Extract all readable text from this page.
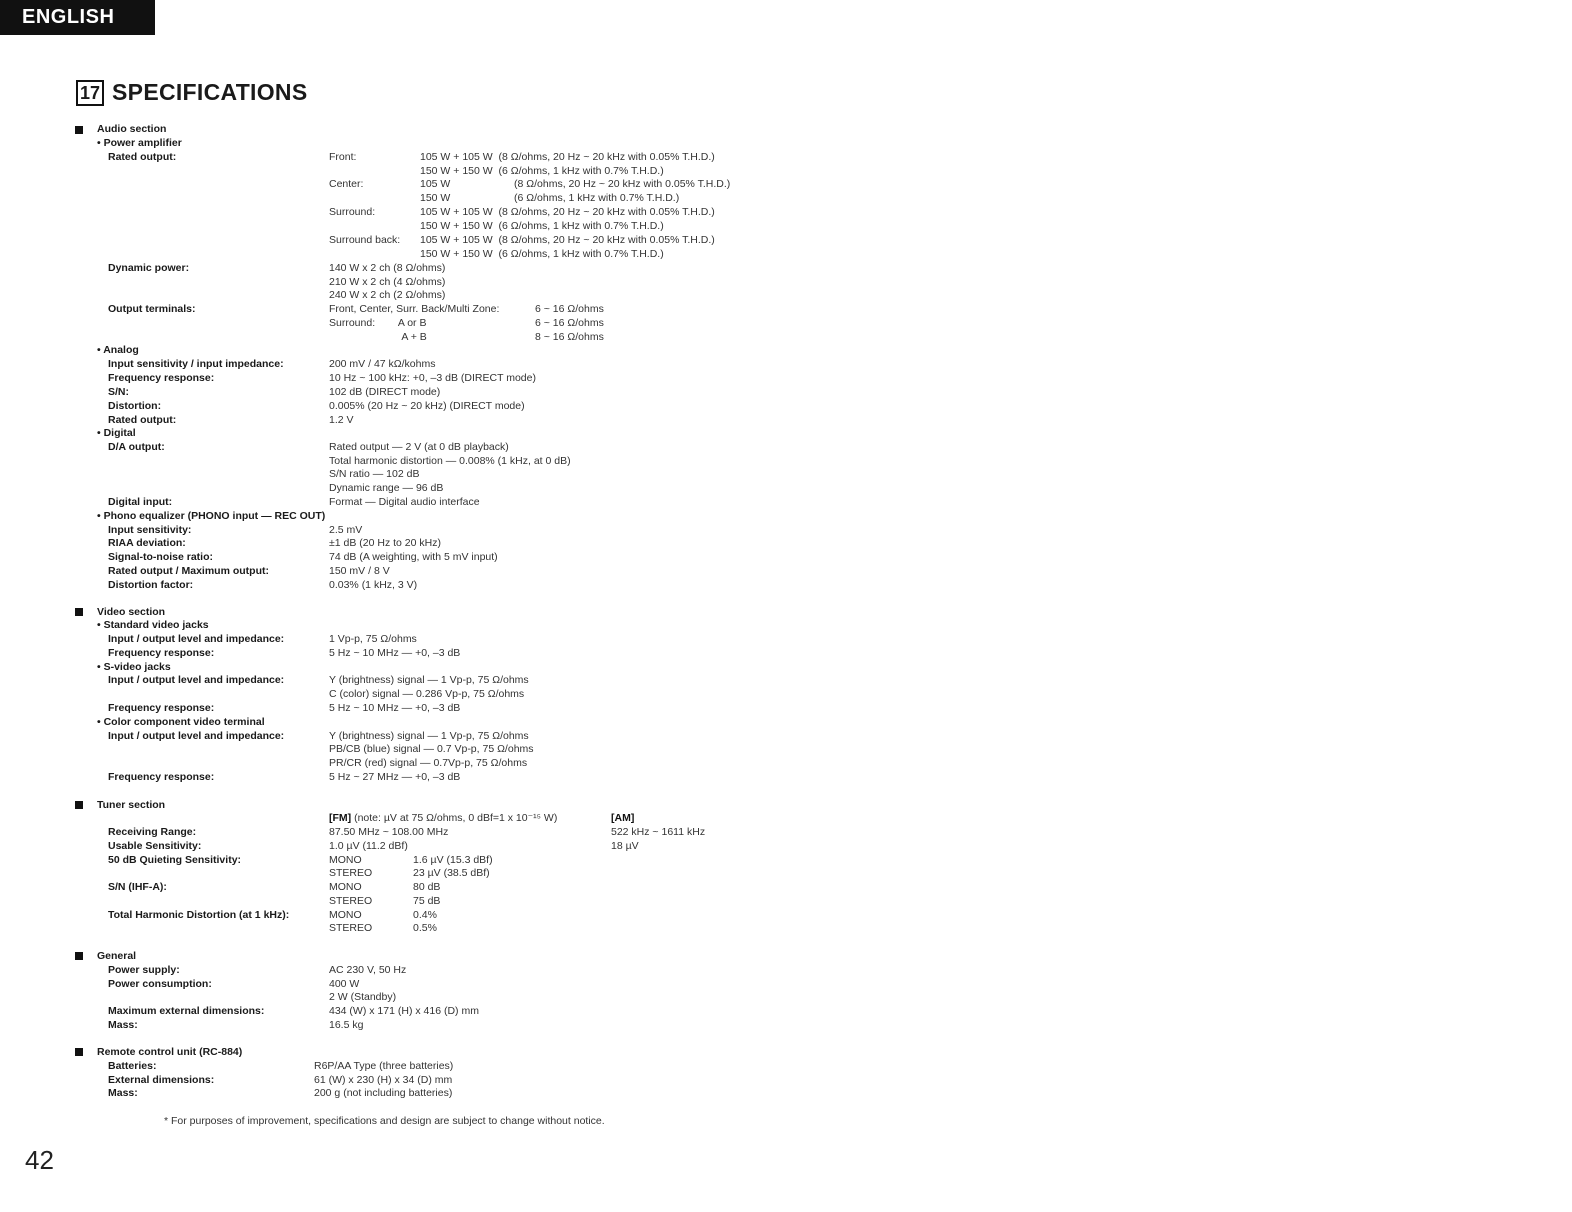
ENGLISH
17 SPECIFICATIONS
Audio section
• Power amplifier
Rated output:	Front:	105 W + 105 W (8 Ω/ohms, 20 Hz ~ 20 kHz with 0.05% T.H.D.)
150 W + 150 W (6 Ω/ohms, 1 kHz with 0.7% T.H.D.)
Center:	105 W	(8 Ω/ohms, 20 Hz ~ 20 kHz with 0.05% T.H.D.)
150 W	(6 Ω/ohms, 1 kHz with 0.7% T.H.D.)
Surround:	105 W + 105 W (8 Ω/ohms, 20 Hz ~ 20 kHz with 0.05% T.H.D.)
150 W + 150 W (6 Ω/ohms, 1 kHz with 0.7% T.H.D.)
Surround back: 105 W + 105 W (8 Ω/ohms, 20 Hz ~ 20 kHz with 0.05% T.H.D.)
150 W + 150 W (6 Ω/ohms, 1 kHz with 0.7% T.H.D.)
Dynamic power:	140 W x 2 ch (8 Ω/ohms)
210 W x 2 ch (4 Ω/ohms)
240 W x 2 ch (2 Ω/ohms)
Output terminals:	Front, Center, Surr. Back/Multi Zone:	6 ~ 16 Ω/ohms
Surround:        A or B	6 ~ 16 Ω/ohms
A + B	8 ~ 16 Ω/ohms
• Analog
Input sensitivity / input impedance:	200 mV / 47 kΩ/kohms
Frequency response:	10 Hz ~ 100 kHz: +0, –3 dB (DIRECT mode)
S/N:	102 dB (DIRECT mode)
Distortion:	0.005% (20 Hz ~ 20 kHz) (DIRECT mode)
Rated output:	1.2 V
• Digital
D/A output:	Rated output — 2 V (at 0 dB playback)
Total harmonic distortion — 0.008% (1 kHz, at 0 dB)
S/N ratio — 102 dB
Dynamic range — 96 dB
Digital input:	Format — Digital audio interface
• Phono equalizer (PHONO input — REC OUT)
Input sensitivity:	2.5 mV
RIAA deviation:	±1 dB (20 Hz to 20 kHz)
Signal-to-noise ratio:	74 dB (A weighting, with 5 mV input)
Rated output / Maximum output:	150 mV / 8 V
Distortion factor:	0.03% (1 kHz, 3 V)
Video section
• Standard video jacks
Input / output level and impedance:	1 Vp-p, 75 Ω/ohms
Frequency response:	5 Hz ~ 10 MHz — +0, –3 dB
• S-video jacks
Input / output level and impedance:	Y (brightness) signal — 1 Vp-p, 75 Ω/ohms
C (color) signal — 0.286 Vp-p, 75 Ω/ohms
Frequency response:	5 Hz ~ 10 MHz — +0, –3 dB
• Color component video terminal
Input / output level and impedance:	Y (brightness) signal — 1 Vp-p, 75 Ω/ohms
PB/CB (blue) signal — 0.7 Vp-p, 75 Ω/ohms
PR/CR (red) signal — 0.7Vp-p, 75 Ω/ohms
Frequency response:	5 Hz ~ 27 MHz — +0, –3 dB
Tuner section
[FM] (note: µV at 75 Ω/ohms, 0 dBf=1 x 10⁻¹⁵ W)	[AM]
Receiving Range:	87.50 MHz ~ 108.00 MHz	522 kHz ~ 1611 kHz
Usable Sensitivity:	1.0 µV (11.2 dBf)	18 µV
50 dB Quieting Sensitivity:	MONO	1.6 µV (15.3 dBf)
STEREO	23 µV (38.5 dBf)
S/N (IHF-A):	MONO	80 dB
STEREO	75 dB
Total Harmonic Distortion (at 1 kHz):	MONO	0.4%
STEREO	0.5%
General
Power supply:	AC 230 V, 50 Hz
Power consumption:	400 W
2 W (Standby)
Maximum external dimensions:	434 (W) x 171 (H) x 416 (D) mm
Mass:	16.5 kg
Remote control unit (RC-884)
Batteries:	R6P/AA Type (three batteries)
External dimensions:	61 (W) x 230 (H) x 34 (D) mm
Mass:	200 g (not including batteries)
* For purposes of improvement, specifications and design are subject to change without notice.
42
